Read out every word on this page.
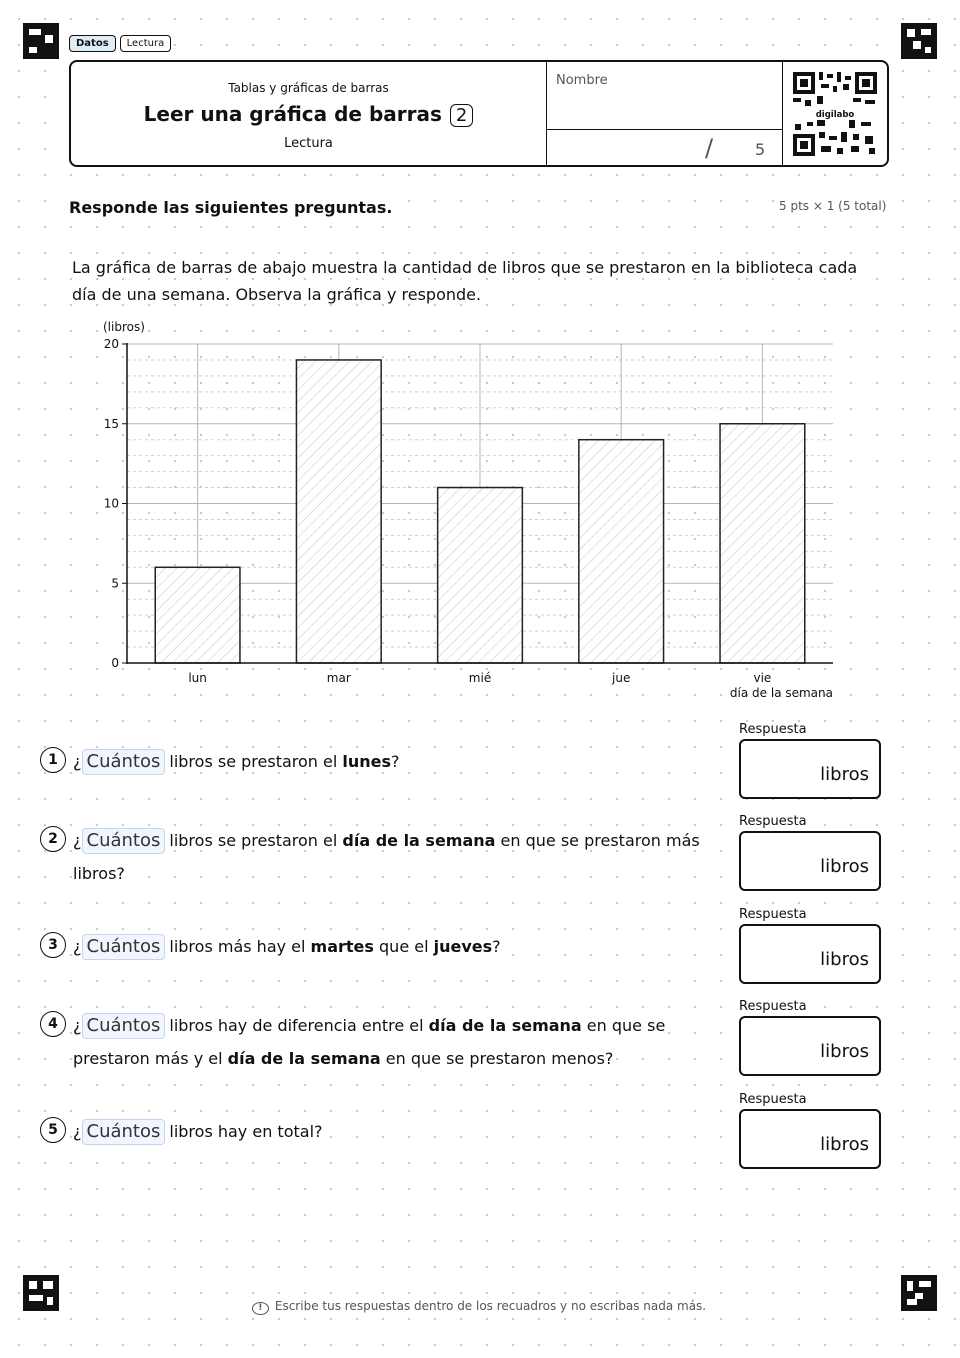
Datos	Lectura
Tablas y gráficas de barras
Leer una gráfica de barras 2
Lectura
Nombre
/	5
digilabo
Responde las siguientes preguntas.	5 pts × 1 (5 total)
La gráfica de barras de abajo muestra la cantidad de libros que se prestaron en la biblioteca cada día de una semana. Observa la gráfica y responde.
(libros)
día de la semana
0
5
10
15
20
lun	mar	mié	jue	vie
1 ¿ Cuántos libros se prestaron el lunes?
Respuesta
libros
2 ¿ Cuántos libros se prestaron el día de la semana en que se prestaron más libros?
Respuesta
libros
3 ¿ Cuántos libros más hay el martes que el jueves?
Respuesta
libros
4 ¿ Cuántos libros hay de diferencia entre el día de la semana en que se prestaron más y el día de la semana en que se prestaron menos?
Respuesta
libros
5 ¿ Cuántos libros hay en total?
Respuesta
libros
! Escribe tus respuestas dentro de los recuadros y no escribas nada más.
